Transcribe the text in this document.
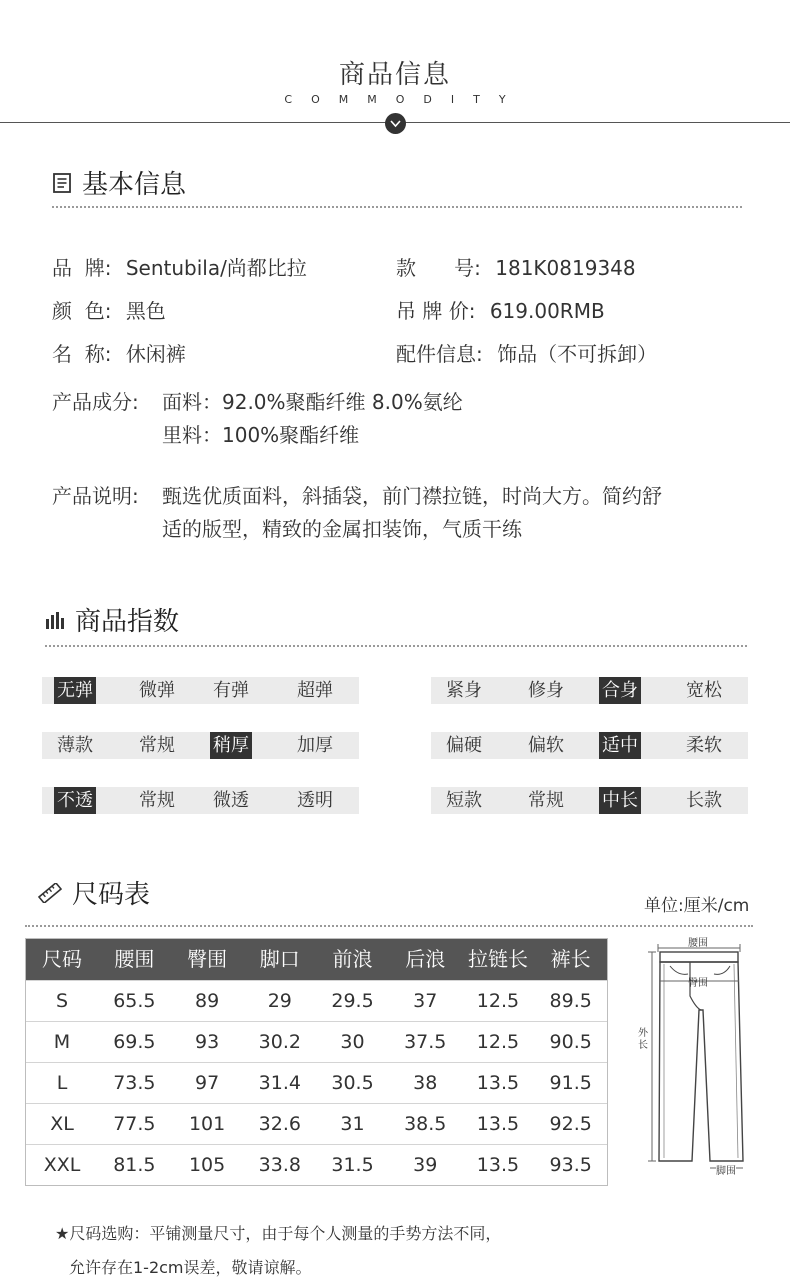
商品信息
COMMODITY
基本信息
品  牌: Sentubila/尚都比拉	款      号: 181K0819348
颜  色: 黑色	吊 牌 价: 619.00RMB
名  称: 休闲裤	配件信息: 饰品（不可拆卸）
产品成分: 面料：92.0%聚酯纤维 8.0%氨纶
里料：100%聚酯纤维
产品说明: 甄选优质面料，斜插袋，前门襟拉链，时尚大方。简约舒
适的版型，精致的金属扣装饰，气质干练
商品指数
无弹	微弹 有弹	超弹	紧身	修身 合身	宽松
薄款	常规 稍厚	加厚	偏硬	偏软 适中	柔软
不透	常规 微透	透明	短款	常规 中长	长款
尺码表	单位:厘米/cm
尺码	腰围	臀围	脚口	前浪	后浪	拉链长	裤长
S	65.5	89	29	29.5	37	12.5	89.5
M	69.5	93	30.2	30	37.5	12.5	90.5
L	73.5	97	31.4	30.5	38	13.5	91.5
XL	77.5	101	32.6	31	38.5	13.5	92.5
XXL	81.5	105	33.8	31.5	39	13.5	93.5
腰围
臀围
外长
脚围
★尺码选购：平铺测量尺寸，由于每个人测量的手势方法不同，
允许存在1-2cm误差，敬请谅解。
